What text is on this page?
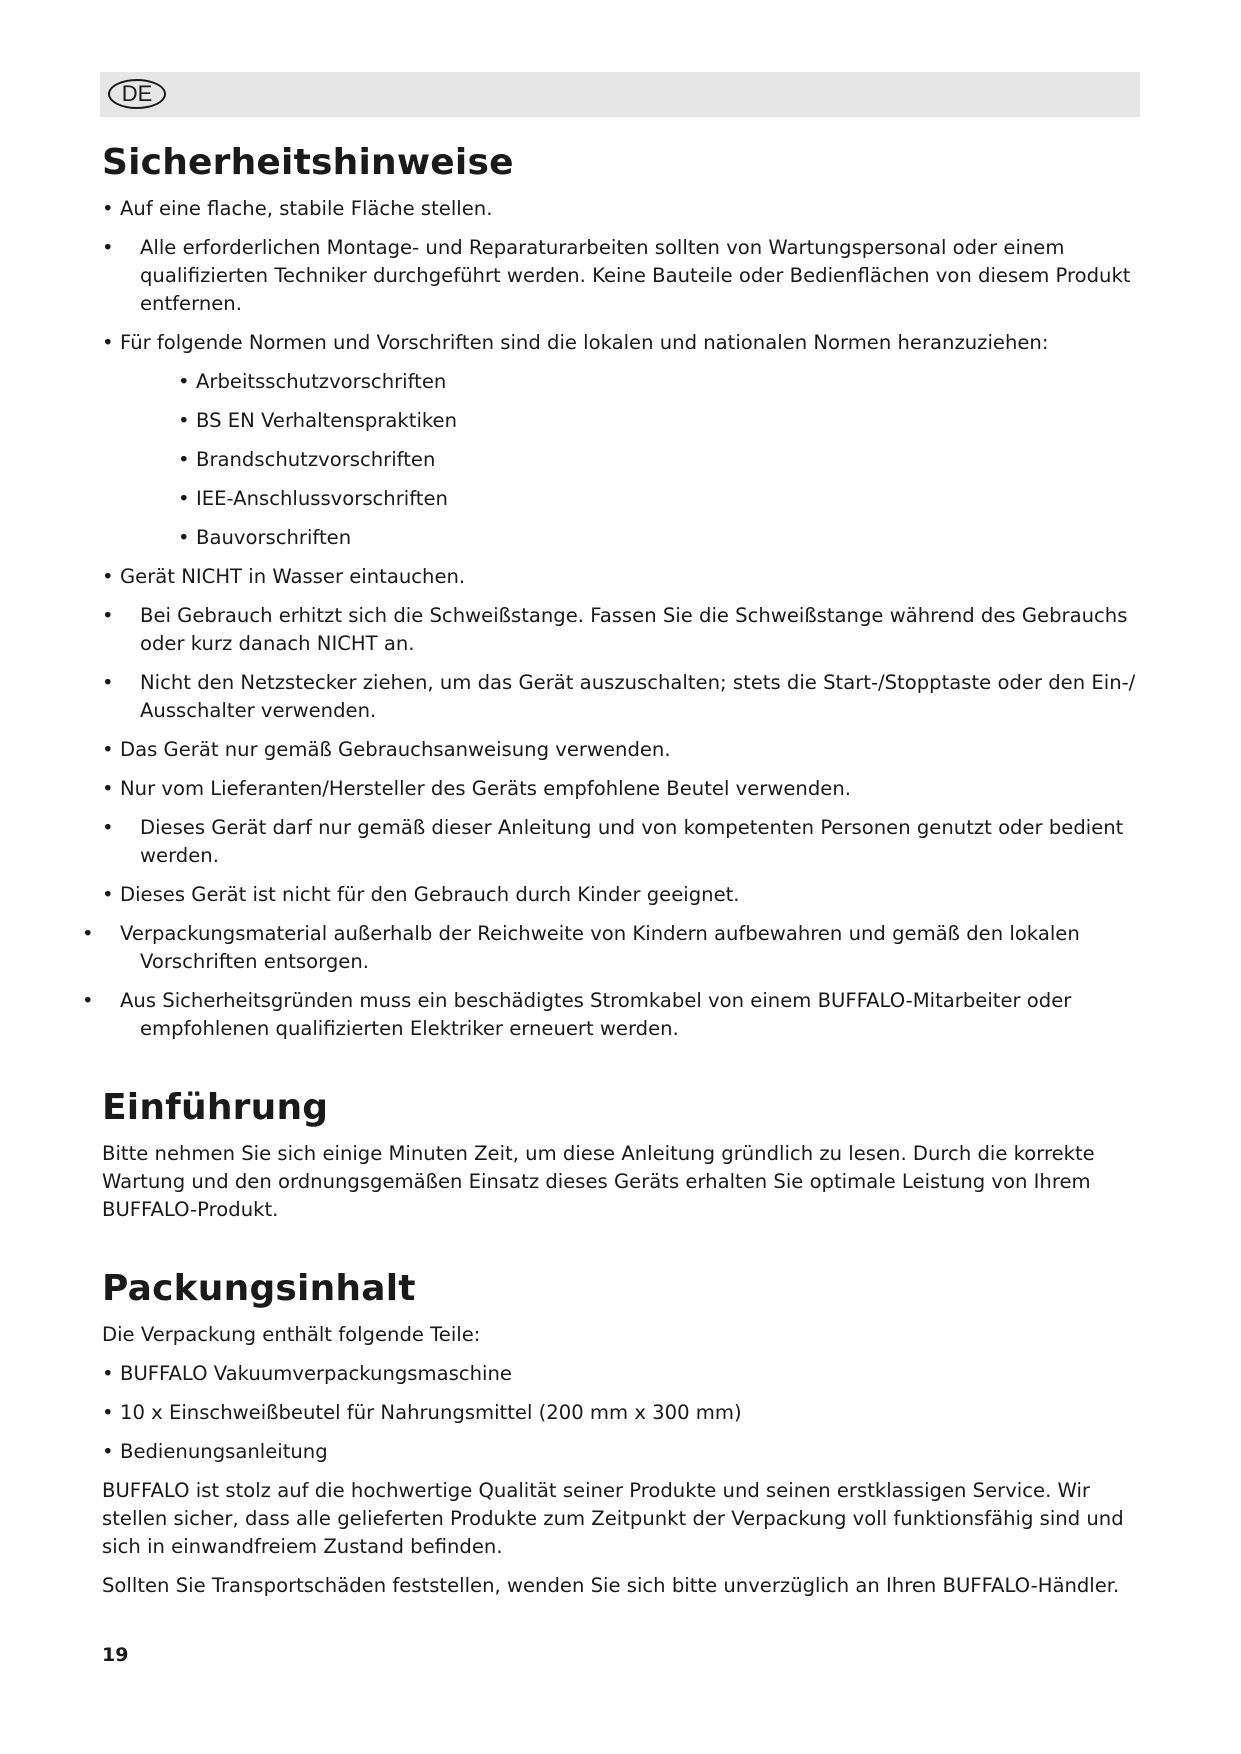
DE
Sicherheitshinweise
• Auf eine flache, stabile Fläche stellen.
• Alle erforderlichen Montage- und Reparaturarbeiten sollten von Wartungspersonal oder einem qualifizierten Techniker durchgeführt werden. Keine Bauteile oder Bedienflächen von diesem Produkt entfernen.
• Für folgende Normen und Vorschriften sind die lokalen und nationalen Normen heranzuziehen:
• Arbeitsschutzvorschriften
• BS EN Verhaltenspraktiken
• Brandschutzvorschriften
• IEE-Anschlussvorschriften
• Bauvorschriften
• Gerät NICHT in Wasser eintauchen.
• Bei Gebrauch erhitzt sich die Schweißstange. Fassen Sie die Schweißstange während des Gebrauchs oder kurz danach NICHT an.
• Nicht den Netzstecker ziehen, um das Gerät auszuschalten; stets die Start-/Stopptaste oder den Ein-/ Ausschalter verwenden.
• Das Gerät nur gemäß Gebrauchsanweisung verwenden.
• Nur vom Lieferanten/Hersteller des Geräts empfohlene Beutel verwenden.
• Dieses Gerät darf nur gemäß dieser Anleitung und von kompetenten Personen genutzt oder bedient werden.
• Dieses Gerät ist nicht für den Gebrauch durch Kinder geeignet.
•	Verpackungsmaterial außerhalb der Reichweite von Kindern aufbewahren und gemäß den lokalen Vorschriften entsorgen.
•	Aus Sicherheitsgründen muss ein beschädigtes Stromkabel von einem BUFFALO-Mitarbeiter oder empfohlenen qualifizierten Elektriker erneuert werden.
Einführung
Bitte nehmen Sie sich einige Minuten Zeit, um diese Anleitung gründlich zu lesen. Durch die korrekte Wartung und den ordnungsgemäßen Einsatz dieses Geräts erhalten Sie optimale Leistung von Ihrem BUFFALO-Produkt.
Packungsinhalt
Die Verpackung enthält folgende Teile:
• BUFFALO Vakuumverpackungsmaschine
• 10 x Einschweißbeutel für Nahrungsmittel (200 mm x 300 mm)
• Bedienungsanleitung
BUFFALO ist stolz auf die hochwertige Qualität seiner Produkte und seinen erstklassigen Service. Wir stellen sicher, dass alle gelieferten Produkte zum Zeitpunkt der Verpackung voll funktionsfähig sind und sich in einwandfreiem Zustand befinden.
Sollten Sie Transportschäden feststellen, wenden Sie sich bitte unverzüglich an Ihren BUFFALO-Händler.
19
